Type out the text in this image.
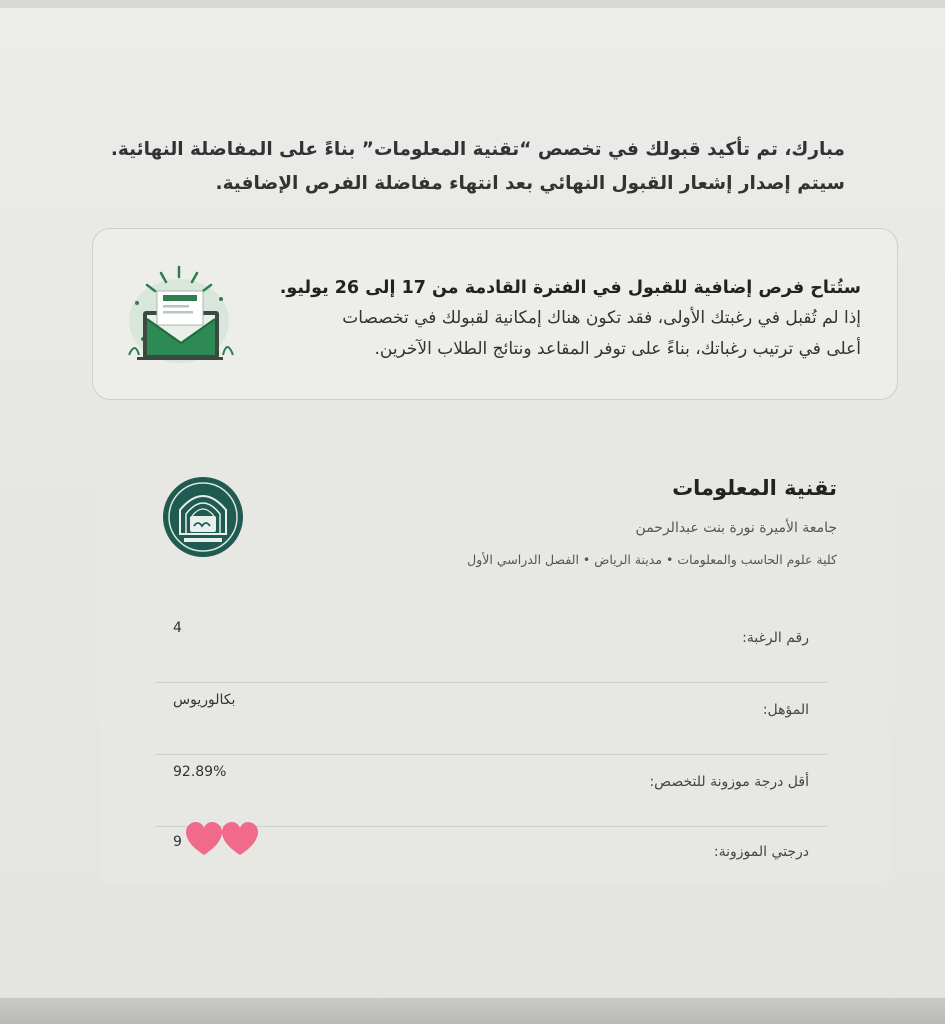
مبارك، تم تأكيد قبولك في تخصص “تقنية المعلومات” بناءً على المفاضلة النهائية.
سيتم إصدار إشعار القبول النهائي بعد انتهاء مفاضلة الفرص الإضافية.
ستُتاح فرص إضافية للقبول في الفترة القادمة من 17 إلى 26 يوليو.
إذا لم تُقبل في رغبتك الأولى، فقد تكون هناك إمكانية لقبولك في تخصصات
أعلى في ترتيب رغباتك، بناءً على توفر المقاعد ونتائج الطلاب الآخرين.
تقنية المعلومات
جامعة الأميرة نورة بنت عبدالرحمن
كلية علوم الحاسب والمعلومات • مدينة الرياض • الفصل الدراسي الأول
رقم الرغبة:
4
المؤهل:
بكالوريوس
أقل درجة موزونة للتخصص:
92.89%
درجتي الموزونة:
9
